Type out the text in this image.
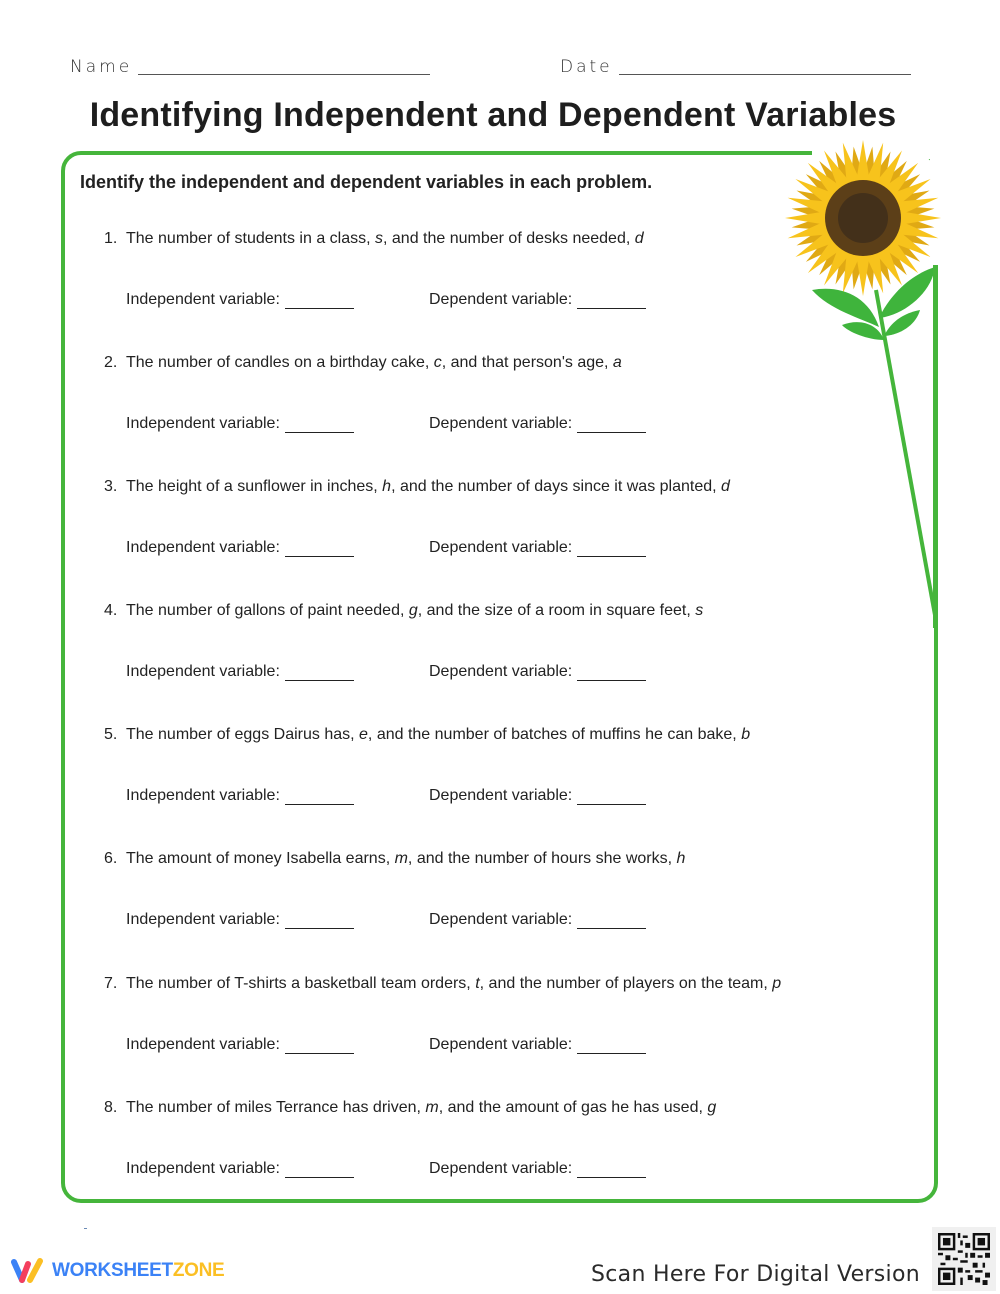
Name	Date
Identifying Independent and Dependent Variables
Identify the independent and dependent variables in each problem.
1. The number of students in a class, s, and the number of desks needed, d
Independent variable:	Dependent variable:
2. The number of candles on a birthday cake, c, and that person's age, a
Independent variable:	Dependent variable:
3. The height of a sunflower in inches, h, and the number of days since it was planted, d
Independent variable:	Dependent variable:
4. The number of gallons of paint needed, g, and the size of a room in square feet, s
Independent variable:	Dependent variable:
5. The number of eggs Dairus has, e, and the number of batches of muffins he can bake, b
Independent variable:	Dependent variable:
6. The amount of money Isabella earns, m, and the number of hours she works, h
Independent variable:	Dependent variable:
7. The number of T-shirts a basketball team orders, t, and the number of players on the team, p
Independent variable:	Dependent variable:
8. The number of miles Terrance has driven, m, and the amount of gas he has used, g
Independent variable:	Dependent variable:
WORKSHEETZONE	Scan Here For Digital Version
